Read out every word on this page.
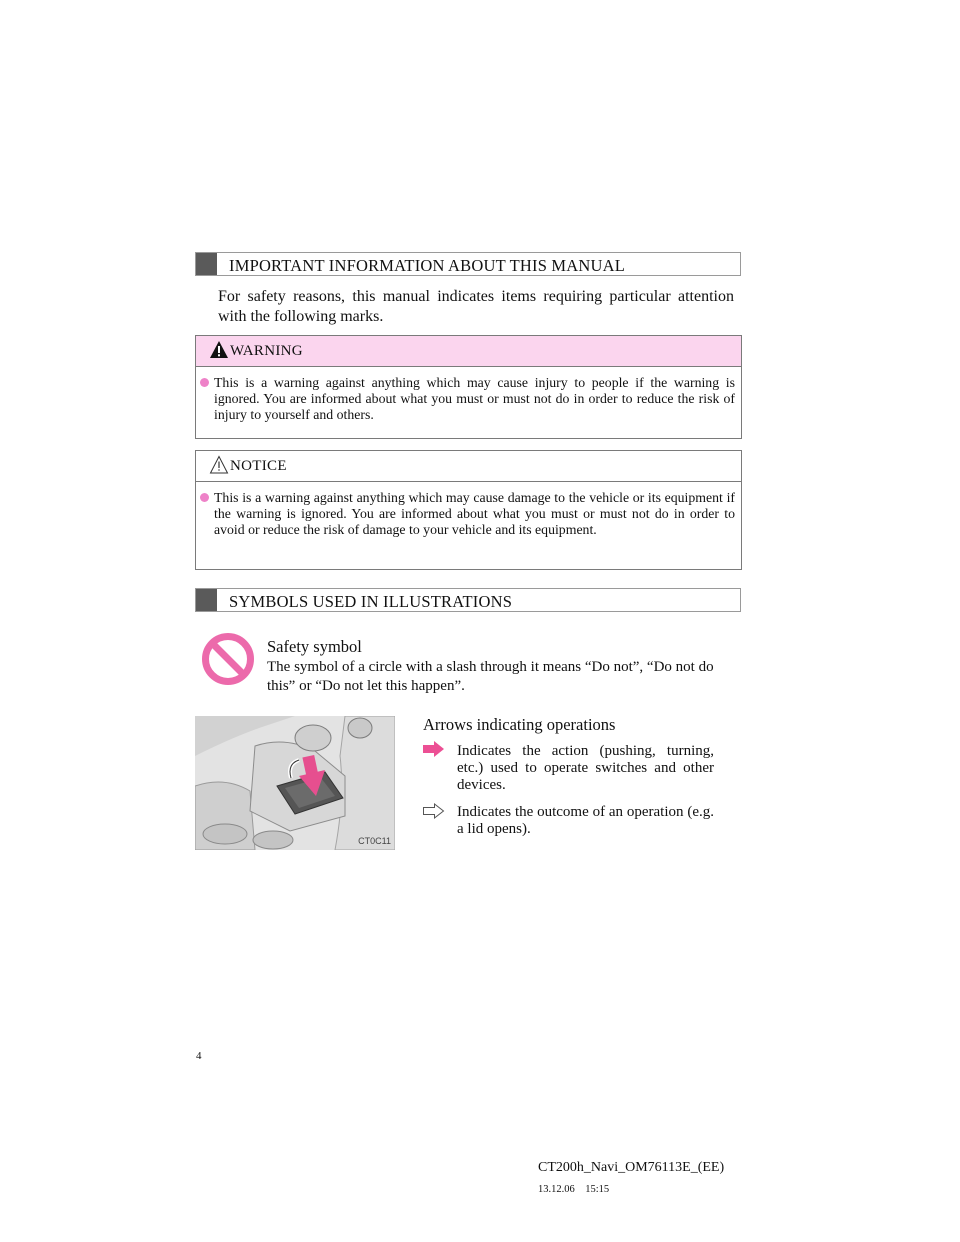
IMPORTANT INFORMATION ABOUT THIS MANUAL
For safety reasons, this manual indicates items requiring particular attention with the following marks.
WARNING
This is a warning against anything which may cause injury to people if the warning is ignored. You are informed about what you must or must not do in order to reduce the risk of injury to yourself and others.
NOTICE
This is a warning against anything which may cause damage to the vehicle or its equipment if the warning is ignored. You are informed about what you must or must not do in order to avoid or reduce the risk of damage to your vehicle and its equipment.
SYMBOLS USED IN ILLUSTRATIONS
Safety symbol
The symbol of a circle with a slash through it means “Do not”, “Do not do this” or “Do not let this happen”.
CT0C11
Arrows indicating operations
Indicates the action (pushing, turning, etc.) used to operate switches and other devices.
Indicates the outcome of an operation (e.g. a lid opens).
4
CT200h_Navi_OM76113E_(EE)
13.12.06    15:15
